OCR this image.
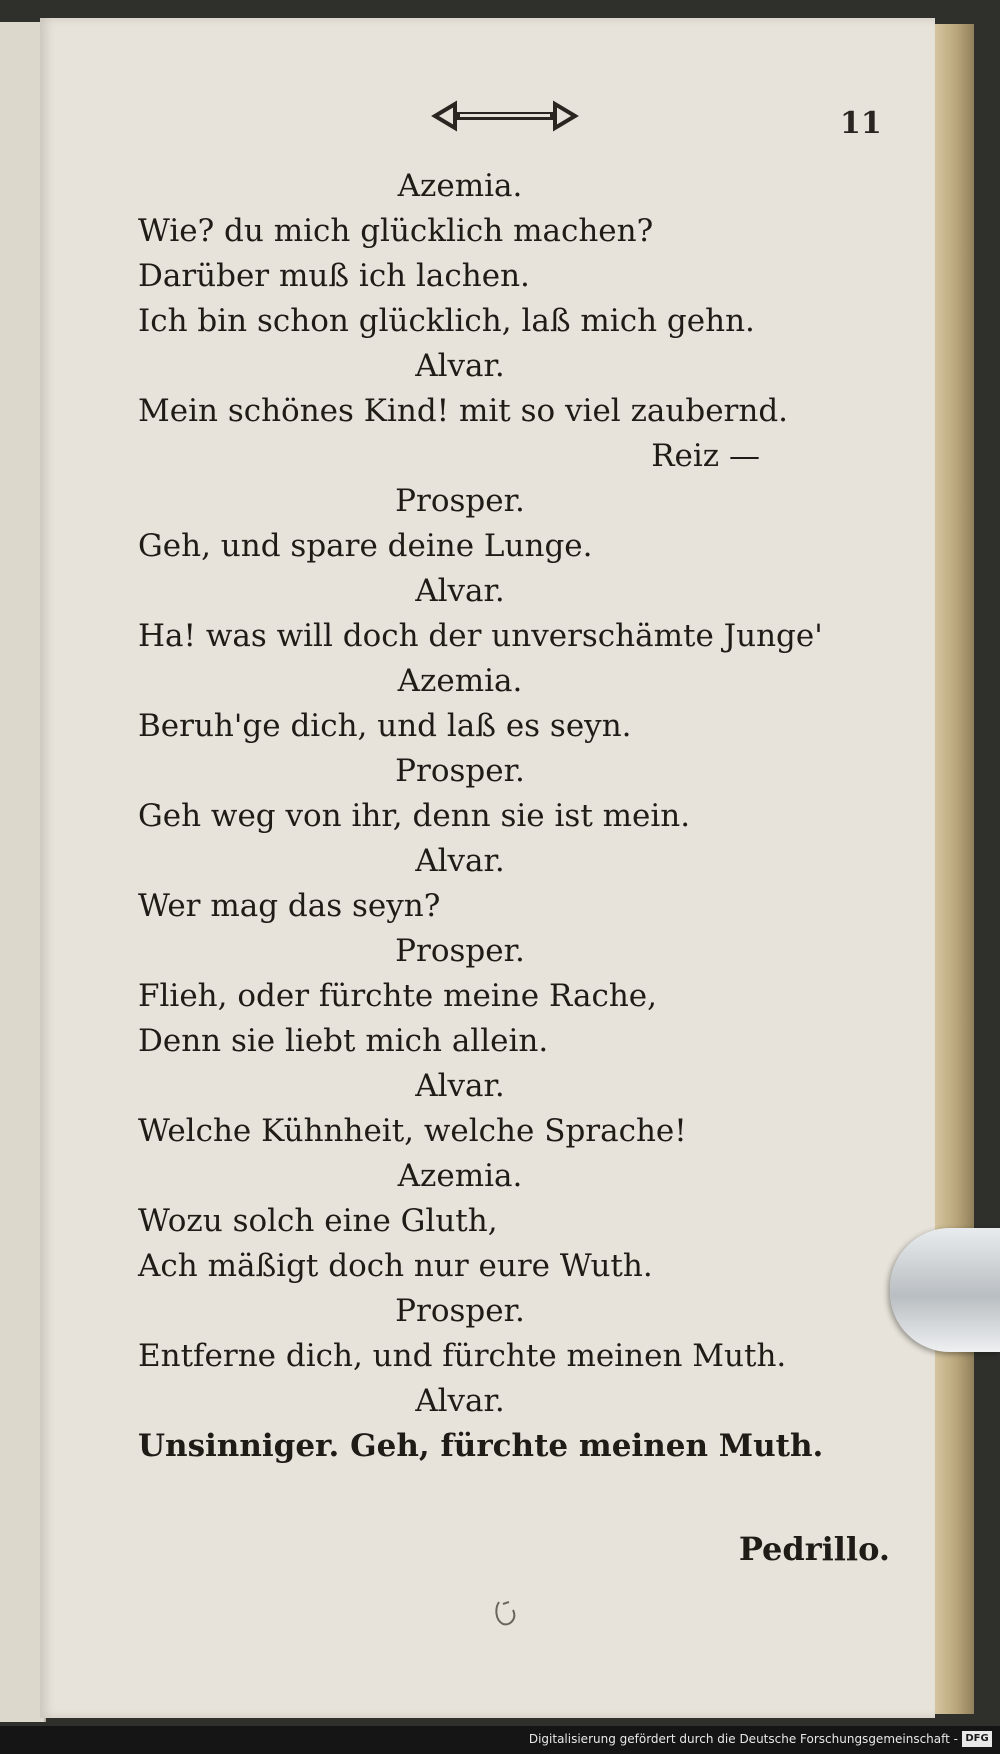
11
Azemia.
Wie? du mich glücklich machen?
Darüber muß ich lachen.
Ich bin schon glücklich, laß mich gehn.
Alvar.
Mein schönes Kind! mit so viel zaubernd.
Reiz —
Prosper.
Geh, und spare deine Lunge.
Alvar.
Ha! was will doch der unverschämte Junge'
Azemia.
Beruh'ge dich, und laß es seyn.
Prosper.
Geh weg von ihr, denn sie ist mein.
Alvar.
Wer mag das seyn?
Prosper.
Flieh, oder fürchte meine Rache,
Denn sie liebt mich allein.
Alvar.
Welche Kühnheit, welche Sprache!
Azemia.
Wozu solch eine Gluth,
Ach mäßigt doch nur eure Wuth.
Prosper.
Entferne dich, und fürchte meinen Muth.
Alvar.
Unsinniger. Geh, fürchte meinen Muth.
Pedrillo.
Digitalisierung gefördert durch die Deutsche Forschungsgemeinschaft - DFG
